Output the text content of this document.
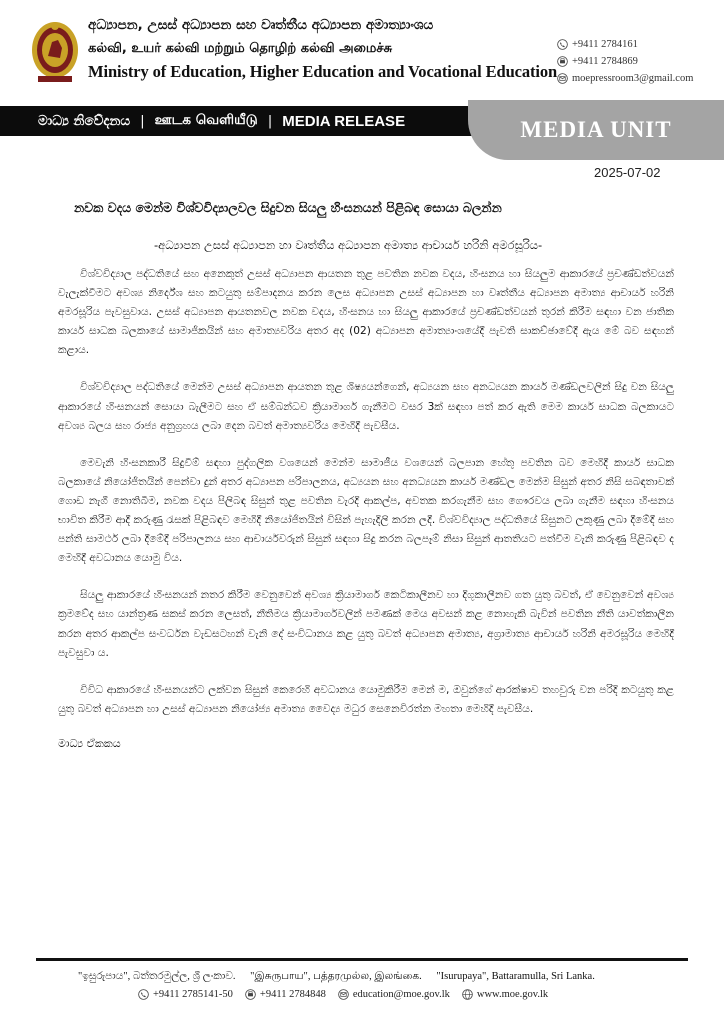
අධ්‍යාපන, උසස් අධ්‍යාපන සහ වෘත්තීය අධ්‍යාපන අමාත්‍යාංශය
கல்வி, உயர் கல்வி மற்றும் தொழிற் கல்வி அமைச்சு
Ministry of Education, Higher Education and Vocational Education
+9411 2784161
+9411 2784869
moepressroom3@gmail.com
මාධ්‍ය නිවේදනය | ஊடக வெளியீடு | MEDIA RELEASE	MEDIA UNIT
2025-07-02
නවක වදය මෙන්ම විශ්වවිද්‍යාලවල සිදුවන සියලු හිංසනයන් පිළිබඳ සොයා බලන්න
-අධ්‍යාපන උසස් අධ්‍යාපන හා වෘත්තීය අධ්‍යාපන අමාත්‍ය ආචාර්ය හරිනි අමරසූරිය-

විශ්වවිද්‍යාල පද්ධතියේ සහ අනෙකුත් උසස් අධ්‍යාපන ආයතන තුළ පවතින නවක වදය, හිංසනය හා සියලුම ආකාරයේ ප්‍රචණ්ඩත්වයන් වැලැක්වීමට අවශ්‍ය නිර්දේශ සහ කටයුතු සම්පාදනය කරන ලෙස අධ්‍යාපන උසස් අධ්‍යාපන හා වෘත්තීය අධ්‍යාපන අමාත්‍ය ආචාර්ය හරිනි අමරසූරිය පැවසුවාය. උසස් අධ්‍යාපන ආයතනවල නවක වදය, හිංසනය හා සියලු ආකාරයේ ප්‍රචණ්ඩත්වයන් තුරන් කිරීම සඳහා වන ජාතික කාර්ය සාධක බලකායේ සාමාජිකයින් සහ අමාත්‍යවරිය අතර අද (02) අධ්‍යාපන අමාත්‍යාංශයේදී පැවති සාකච්ඡාවේදී ඇය මේ බව සඳහන් කළාය.

විශ්වවිද්‍යාල පද්ධතියේ මෙන්ම උසස් අධ්‍යාපන ආයතන තුළ ශිෂ්‍යයන්ගෙන්, අධ්‍යයන සහ අනධ්‍යයන කාර්ය මණ්ඩලවලින් සිදු වන සියලු ආකාරයේ හිංසනයන් සොයා බැලීමට සහ ඒ සම්බන්ධව ක්‍රියාමාර්ග ගැනීමට වසර 3ක් සඳහා පත් කර ඇති මෙම කාර්ය සාධක බලකායට අවශ්‍ය බලය සහ රාජ්‍ය අනුග්‍රහය ලබා දෙන බවත් අමාත්‍යවරිය මෙහිදී පැවසීය.

මෙවැනි හිංසනකාරී සිදුවීම් සඳහා පුද්ගලික වශයෙන් මෙන්ම සාමාජීය වශයෙන් බලපාන හේතු පවතින බව මෙහිදී කාර්ය සාධක බලකායේ නියෝජිතයින් පෙන්වා දුන් අතර අධ්‍යාපන පරිපාලනය, අධ්‍යයන සහ අනධ්‍යයන කාර්ය මණ්ඩල මෙන්ම සිසුන් අතර නිසි සබඳතාවක් ගොඩ නැගී නොතිබීම, නවක වදය පිලිබඳ සිසුන් තුළ පවතින වැරදි ආකල්ප, අවතක කරගැනීම සහ ගෞරවය ලබා ගැනීම සඳහා හිංසනය භාවිත කිරීම ආදී කරුණු රැසක් පිළිබඳව මෙහිදී නියෝජිතයින් විසින් පැහැදිලි කරන ලදී. විශ්වවිද්‍යාල පද්ධතියේ සිසුනට ලකුණු ලබා දීමේදී සහ පන්ති සාමර්ථ ලබා දීමේදී පරිපාලනය සහ ආචාර්යවරුන් සිසුන් සඳහා සිදු කරන බලපෑම් නිසා සිසුන් ආතතියට පත්වීම වැනි කරුණු පිළිබඳව ද මෙහිදී අවධානය යොමු විය.

සියලු ආකාරයේ හිංසනයන් නතර කිරීම වෙනුවෙන් අවශ්‍ය ක්‍රියාමාර්ග කෙටිකාලීනව හා දිගුකාලීනව ගත යුතු බවත්, ඒ වෙනුවෙන් අවශ්‍ය ක්‍රමවේද සහ යාන්ත්‍රණ සකස් කරන ලෙසත්, නීතිමය ක්‍රියාමාර්ගවලින් පමණක් මෙය අවසන් කළ නොහැකි බැවින් පවතින නීති යාවත්කාලීන කරන අතර ආකල්ප සංවර්ධන වැඩසටහන් වැනි දේ සංවිධානය කළ යුතු බවත් අධ්‍යාපන අමාත්‍ය, අග්‍රාමාත්‍ය ආචාර්ය හරිනි අමරසූරිය මෙහිදී පැවසුවා ය.

විවිධ ආකාරයේ හිංසනයන්ට ලක්වන සිසුන් කෙරෙහි අවධානය යොමුකිරීම මෙන් ම, ඔවුන්ගේ ආරක්ෂාව තහවුරු වන පරිදි කටයුතු කළ යුතු බවත් අධ්‍යාපන හා උසස් අධ්‍යාපන නියෝජ්‍ය අමාත්‍ය වෛද්‍ය මධුර සෙනෙවිරත්න මහතා මෙහිදී පැවසීය.

මාධ්‍ය ඒකකය

"ඉසුරුපාය", බත්තරමුල්ල, ශ්‍රී ලංකාව. "இசுருபாய", பத்தரமுல்ல, இலங்கை. "Isurupaya", Battaramulla, Sri Lanka.
+9411 2785141-50	+9411 2784848	education@moe.gov.lk	www.moe.gov.lk
